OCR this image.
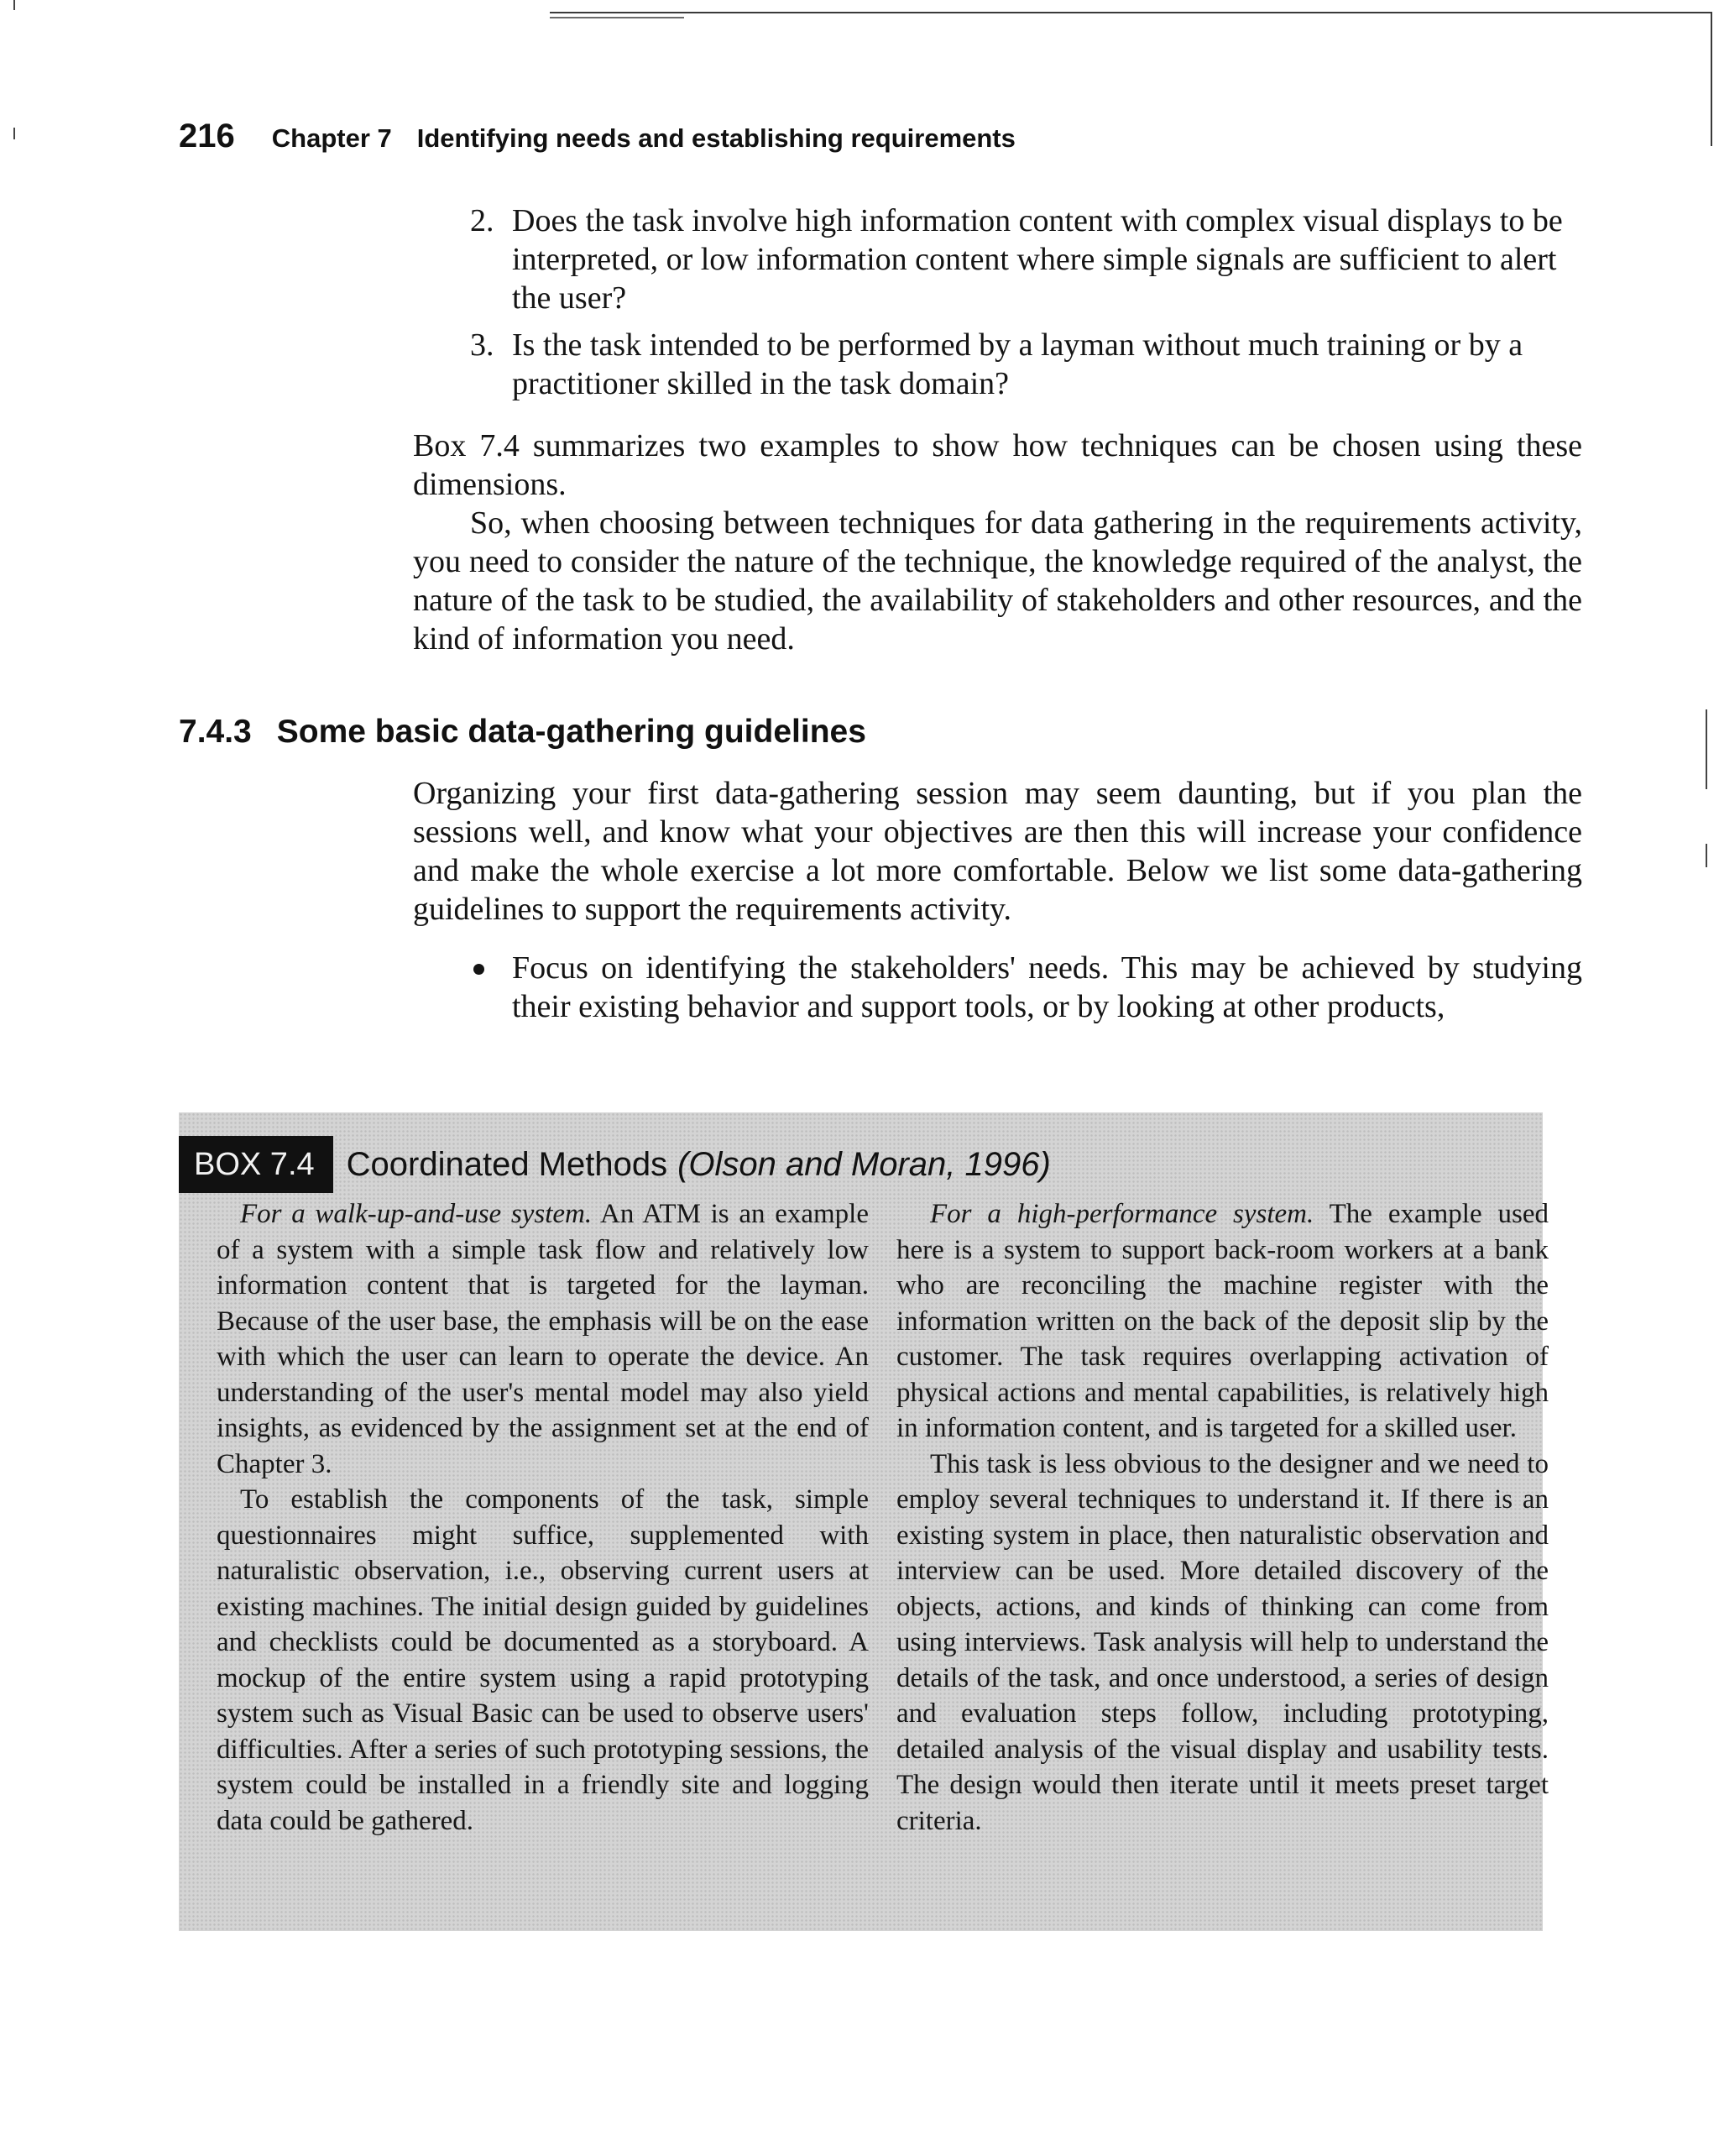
216 Chapter 7 Identifying needs and establishing requirements
2. Does the task involve high information content with complex visual displays to be interpreted, or low information content where simple signals are sufficient to alert the user?
3. Is the task intended to be performed by a layman without much training or by a practitioner skilled in the task domain?
Box 7.4 summarizes two examples to show how techniques can be chosen using these dimensions.
So, when choosing between techniques for data gathering in the requirements activity, you need to consider the nature of the technique, the knowledge required of the analyst, the nature of the task to be studied, the availability of stakeholders and other resources, and the kind of information you need.
7.4.3 Some basic data-gathering guidelines
Organizing your first data-gathering session may seem daunting, but if you plan the sessions well, and know what your objectives are then this will increase your confidence and make the whole exercise a lot more comfortable. Below we list some data-gathering guidelines to support the requirements activity.
Focus on identifying the stakeholders' needs. This may be achieved by studying their existing behavior and support tools, or by looking at other products,
BOX 7.4 Coordinated Methods (Olson and Moran, 1996)

For a walk-up-and-use system. An ATM is an example of a system with a simple task flow and relatively low information content that is targeted for the layman. Because of the user base, the emphasis will be on the ease with which the user can learn to operate the device. An understanding of the user's mental model may also yield insights, as evidenced by the assignment set at the end of Chapter 3.

To establish the components of the task, simple questionnaires might suffice, supplemented with naturalistic observation, i.e., observing current users at existing machines. The initial design guided by guidelines and checklists could be documented as a storyboard. A mockup of the entire system using a rapid prototyping system such as Visual Basic can be used to observe users' difficulties. After a series of such prototyping sessions, the system could be installed in a friendly site and logging data could be gathered.

For a high-performance system. The example used here is a system to support back-room workers at a bank who are reconciling the machine register with the information written on the back of the deposit slip by the customer. The task requires overlapping activation of physical actions and mental capabilities, is relatively high in information content, and is targeted for a skilled user.

This task is less obvious to the designer and we need to employ several techniques to understand it. If there is an existing system in place, then naturalistic observation and interview can be used. More detailed discovery of the objects, actions, and kinds of thinking can come from using interviews. Task analysis will help to understand the details of the task, and once understood, a series of design and evaluation steps follow, including prototyping, detailed analysis of the visual display and usability tests. The design would then iterate until it meets preset target criteria.
